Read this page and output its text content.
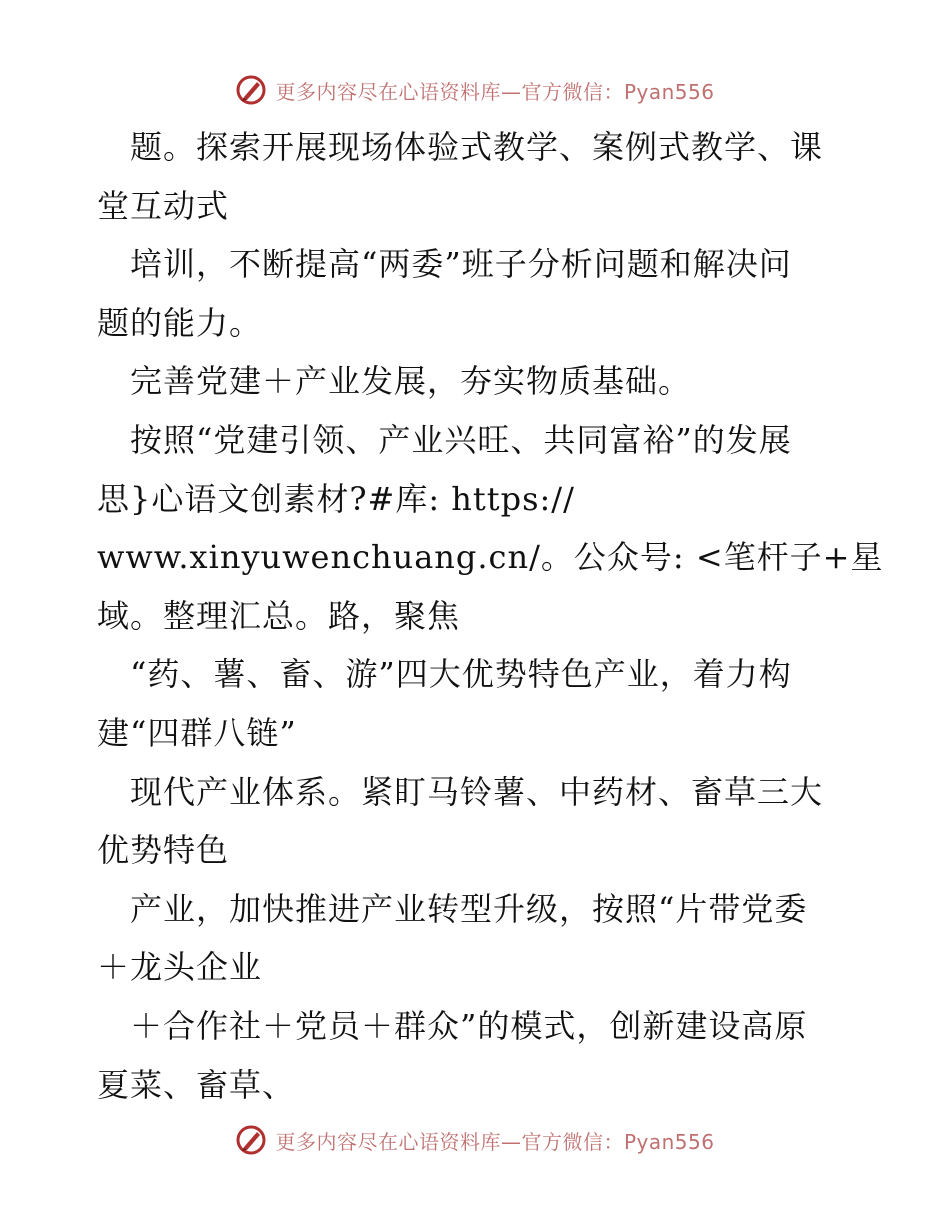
更多内容尽在心语资料库—官方微信：Pyan556
　题。探索开展现场体验式教学、案例式教学、课
堂互动式
　培训，不断提高“两委”班子分析问题和解决问
题的能力。
　完善党建＋产业发展，夯实物质基础。
　按照“党建引领、产业兴旺、共同富裕”的发展
思}心语文创素材?#库: https://
www.xinyuwenchuang.cn/。公众号: <笔杆子+星
域。整理汇总。路，聚焦
　“药、薯、畜、游”四大优势特色产业，着力构
建“四群八链”
　现代产业体系。紧盯马铃薯、中药材、畜草三大
优势特色
　产业，加快推进产业转型升级，按照“片带党委
＋龙头企业
　＋合作社＋党员＋群众”的模式，创新建设高原
夏菜、畜草、
更多内容尽在心语资料库—官方微信：Pyan556
